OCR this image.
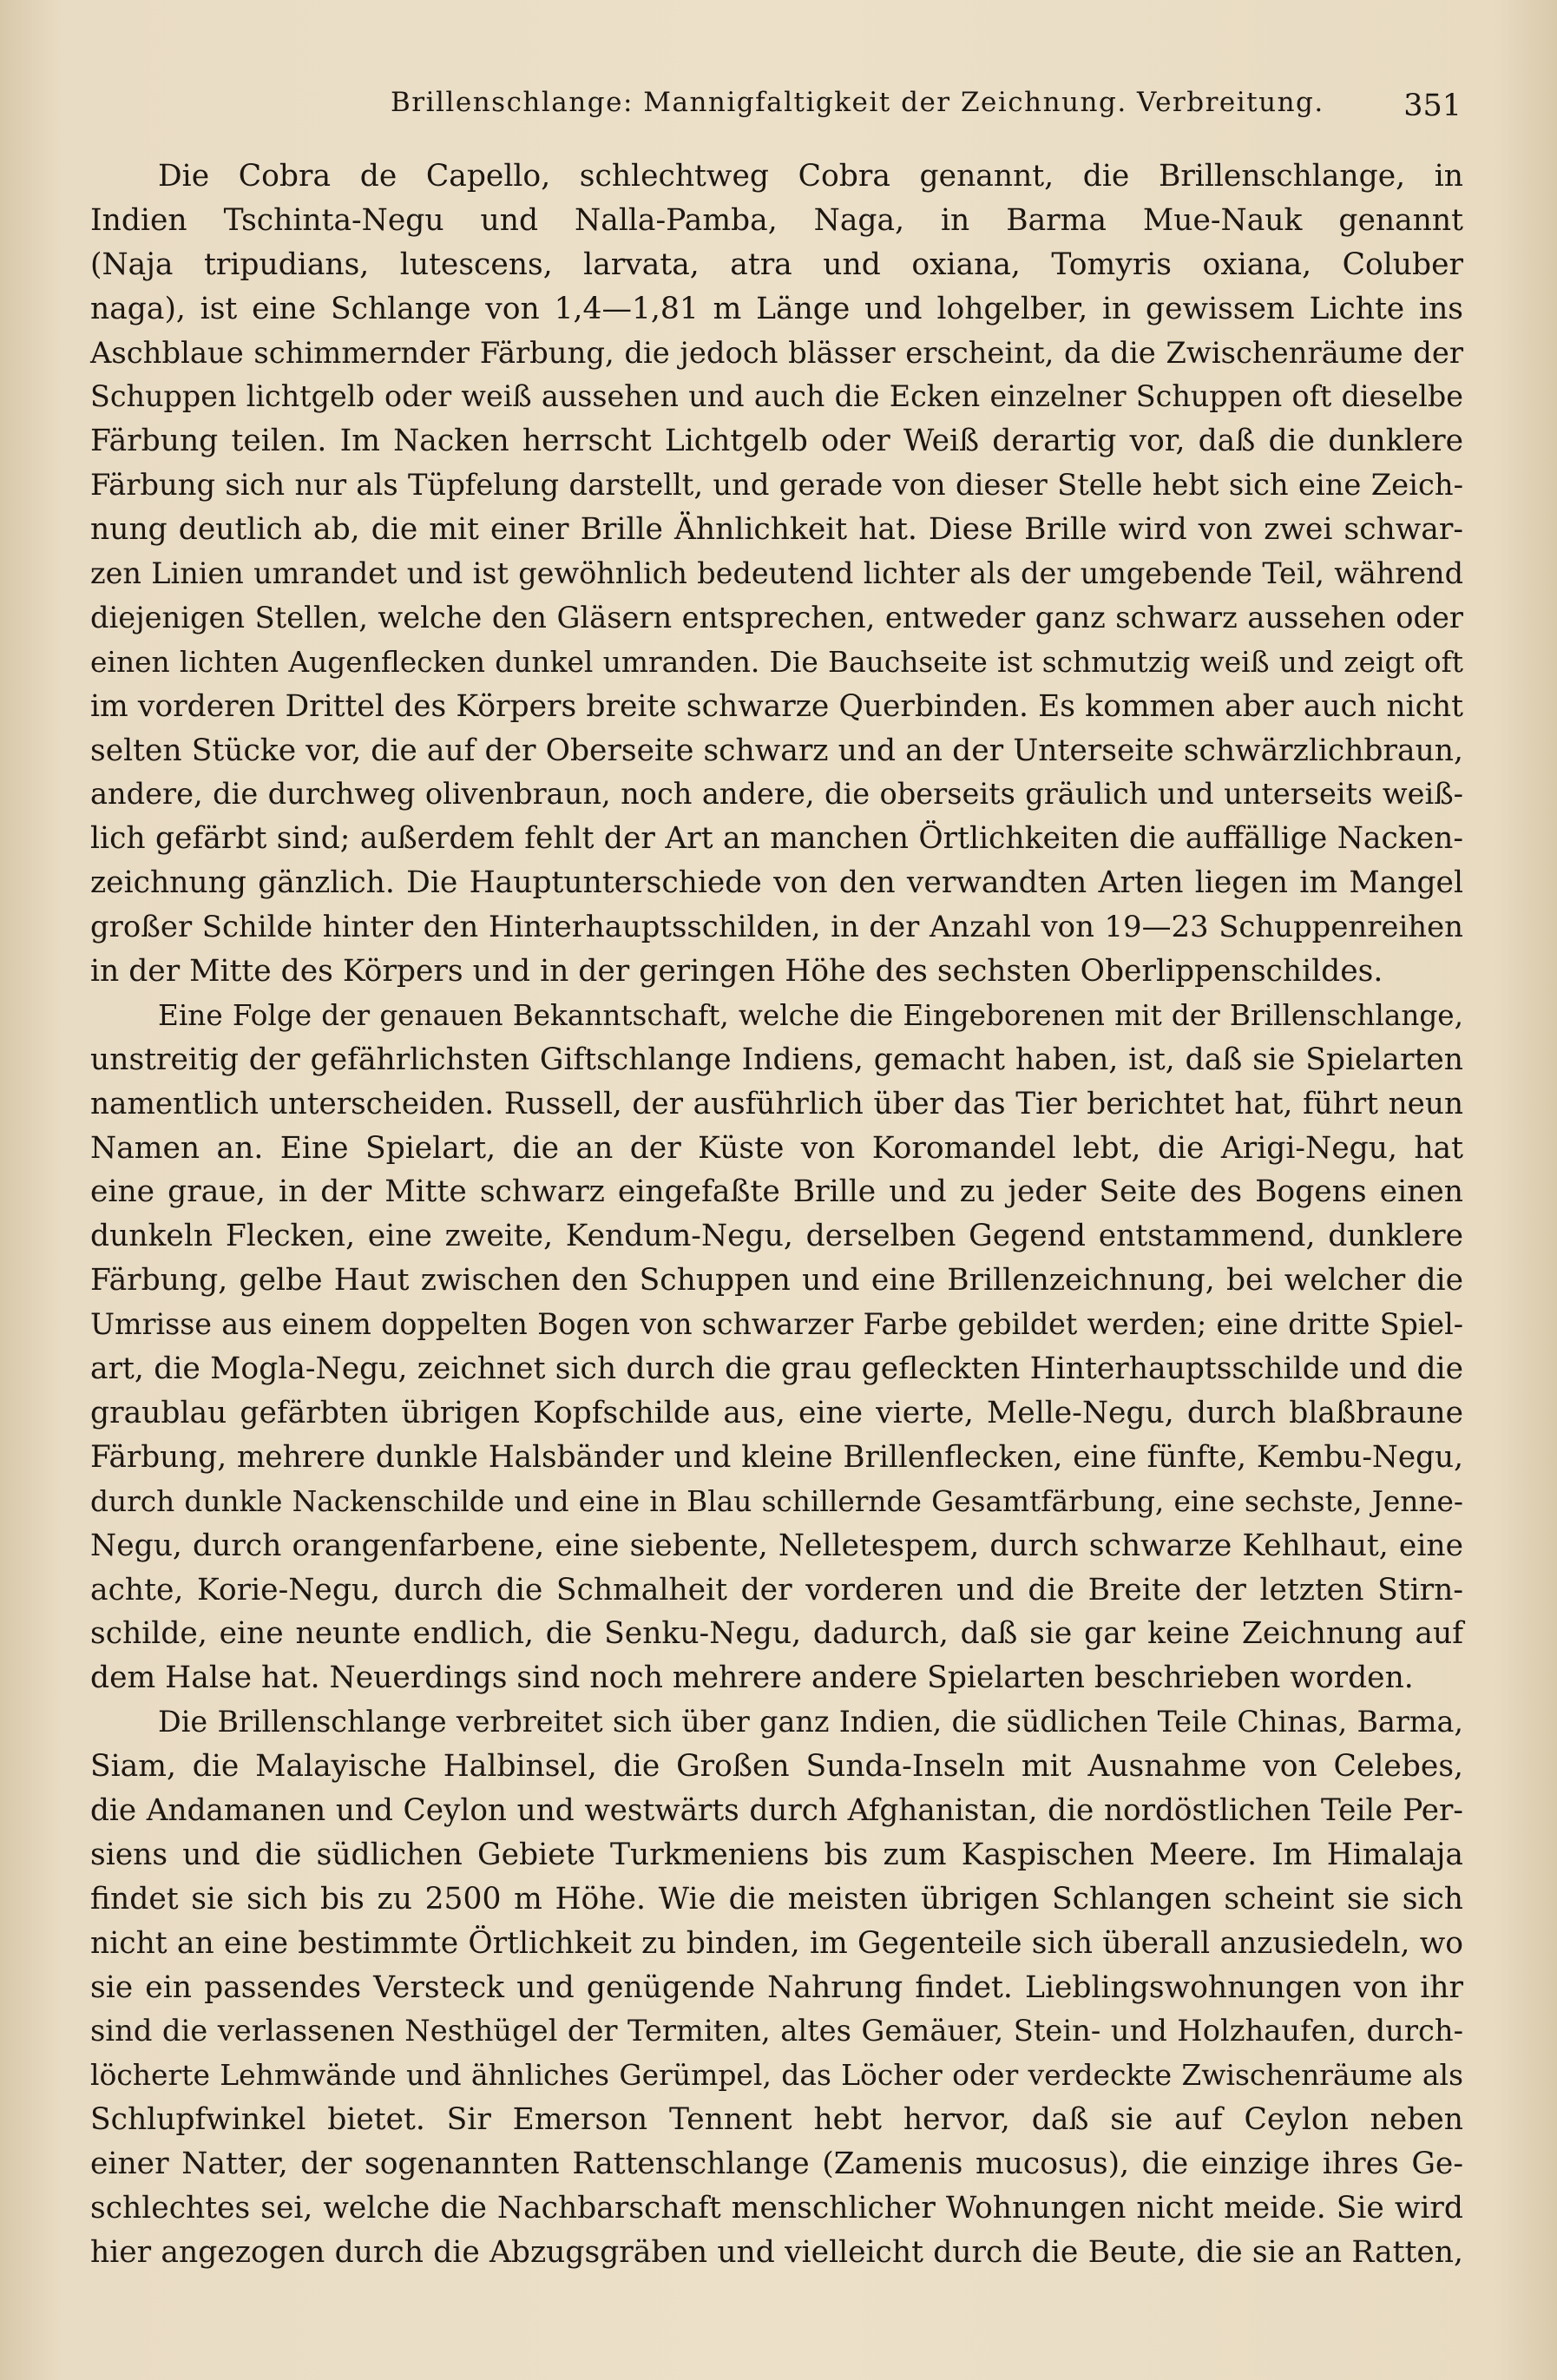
Brillenschlange: Mannigfaltigkeit der Zeichnung. Verbreitung.	351
Die Cobra de Capello, schlechtweg Cobra genannt, die Brillenschlange, in
Indien Tschinta-Negu und Nalla-Pamba, Naga, in Barma Mue-Nauk genannt
(Naja tripudians, lutescens, larvata, atra und oxiana, Tomyris oxiana, Coluber
naga), ist eine Schlange von 1,4—1,81 m Länge und lohgelber, in gewissem Lichte ins
Aschblaue schimmernder Färbung, die jedoch blässer erscheint, da die Zwischenräume der
Schuppen lichtgelb oder weiß aussehen und auch die Ecken einzelner Schuppen oft dieselbe
Färbung teilen. Im Nacken herrscht Lichtgelb oder Weiß derartig vor, daß die dunklere
Färbung sich nur als Tüpfelung darstellt, und gerade von dieser Stelle hebt sich eine Zeich-
nung deutlich ab, die mit einer Brille Ähnlichkeit hat. Diese Brille wird von zwei schwar-
zen Linien umrandet und ist gewöhnlich bedeutend lichter als der umgebende Teil, während
diejenigen Stellen, welche den Gläsern entsprechen, entweder ganz schwarz aussehen oder
einen lichten Augenflecken dunkel umranden. Die Bauchseite ist schmutzig weiß und zeigt oft
im vorderen Drittel des Körpers breite schwarze Querbinden. Es kommen aber auch nicht
selten Stücke vor, die auf der Oberseite schwarz und an der Unterseite schwärzlichbraun,
andere, die durchweg olivenbraun, noch andere, die oberseits gräulich und unterseits weiß-
lich gefärbt sind; außerdem fehlt der Art an manchen Örtlichkeiten die auffällige Nacken-
zeichnung gänzlich. Die Hauptunterschiede von den verwandten Arten liegen im Mangel
großer Schilde hinter den Hinterhauptsschilden, in der Anzahl von 19—23 Schuppenreihen
in der Mitte des Körpers und in der geringen Höhe des sechsten Oberlippenschildes.
Eine Folge der genauen Bekanntschaft, welche die Eingeborenen mit der Brillenschlange,
unstreitig der gefährlichsten Giftschlange Indiens, gemacht haben, ist, daß sie Spielarten
namentlich unterscheiden. Russell, der ausführlich über das Tier berichtet hat, führt neun
Namen an. Eine Spielart, die an der Küste von Koromandel lebt, die Arigi-Negu, hat
eine graue, in der Mitte schwarz eingefaßte Brille und zu jeder Seite des Bogens einen
dunkeln Flecken, eine zweite, Kendum-Negu, derselben Gegend entstammend, dunklere
Färbung, gelbe Haut zwischen den Schuppen und eine Brillenzeichnung, bei welcher die
Umrisse aus einem doppelten Bogen von schwarzer Farbe gebildet werden; eine dritte Spiel-
art, die Mogla-Negu, zeichnet sich durch die grau gefleckten Hinterhauptsschilde und die
graublau gefärbten übrigen Kopfschilde aus, eine vierte, Melle-Negu, durch blaßbraune
Färbung, mehrere dunkle Halsbänder und kleine Brillenflecken, eine fünfte, Kembu-Negu,
durch dunkle Nackenschilde und eine in Blau schillernde Gesamtfärbung, eine sechste, Jenne-
Negu, durch orangenfarbene, eine siebente, Nelletespem, durch schwarze Kehlhaut, eine
achte, Korie-Negu, durch die Schmalheit der vorderen und die Breite der letzten Stirn-
schilde, eine neunte endlich, die Senku-Negu, dadurch, daß sie gar keine Zeichnung auf
dem Halse hat. Neuerdings sind noch mehrere andere Spielarten beschrieben worden.
Die Brillenschlange verbreitet sich über ganz Indien, die südlichen Teile Chinas, Barma,
Siam, die Malayische Halbinsel, die Großen Sunda-Inseln mit Ausnahme von Celebes,
die Andamanen und Ceylon und westwärts durch Afghanistan, die nordöstlichen Teile Per-
siens und die südlichen Gebiete Turkmeniens bis zum Kaspischen Meere. Im Himalaja
findet sie sich bis zu 2500 m Höhe. Wie die meisten übrigen Schlangen scheint sie sich
nicht an eine bestimmte Örtlichkeit zu binden, im Gegenteile sich überall anzusiedeln, wo
sie ein passendes Versteck und genügende Nahrung findet. Lieblingswohnungen von ihr
sind die verlassenen Nesthügel der Termiten, altes Gemäuer, Stein- und Holzhaufen, durch-
löcherte Lehmwände und ähnliches Gerümpel, das Löcher oder verdeckte Zwischenräume als
Schlupfwinkel bietet. Sir Emerson Tennent hebt hervor, daß sie auf Ceylon neben
einer Natter, der sogenannten Rattenschlange (Zamenis mucosus), die einzige ihres Ge-
schlechtes sei, welche die Nachbarschaft menschlicher Wohnungen nicht meide. Sie wird
hier angezogen durch die Abzugsgräben und vielleicht durch die Beute, die sie an Ratten,
